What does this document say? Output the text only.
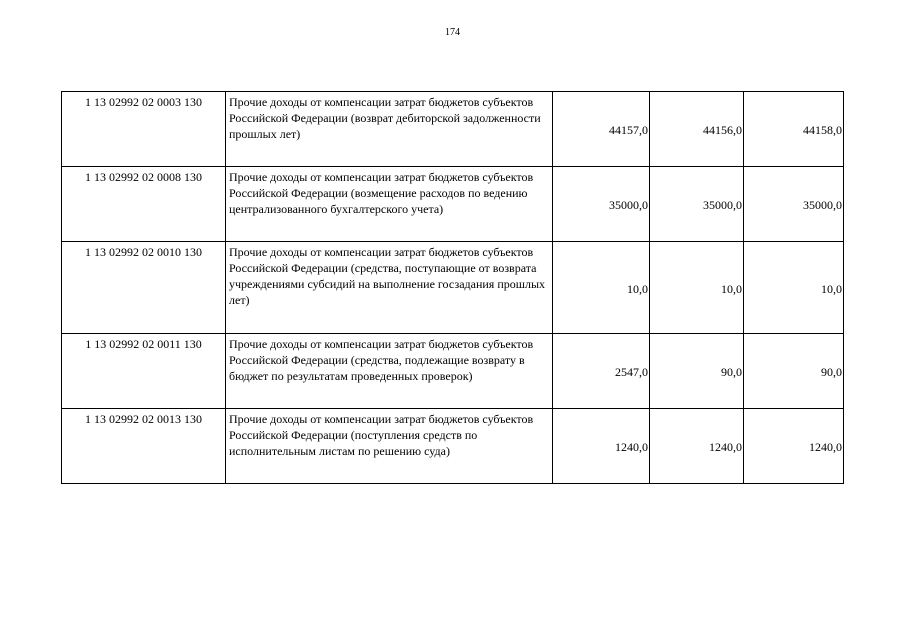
174
1 13 02992 02 0003 130	Прочие доходы от компенсации затрат бюджетов субъектов Российской Федерации (возврат дебиторской задолженности прошлых лет)	44157,0	44156,0	44158,0
1 13 02992 02 0008 130	Прочие доходы от компенсации затрат бюджетов субъектов Российской Федерации (возмещение расходов по ведению централизованного бухгалтерского учета)	35000,0	35000,0	35000,0
1 13 02992 02 0010 130	Прочие доходы от компенсации затрат бюджетов субъектов Российской Федерации (средства, поступающие от возврата учреждениями субсидий на выполнение госзадания прошлых лет)	10,0	10,0	10,0
1 13 02992 02 0011 130	Прочие доходы от компенсации затрат бюджетов субъектов Российской Федерации (средства, подлежащие возврату в бюджет по результатам проведенных проверок)	2547,0	90,0	90,0
1 13 02992 02 0013 130	Прочие доходы от компенсации затрат бюджетов субъектов Российской Федерации (поступления средств по исполнительным листам по решению суда)	1240,0	1240,0	1240,0
